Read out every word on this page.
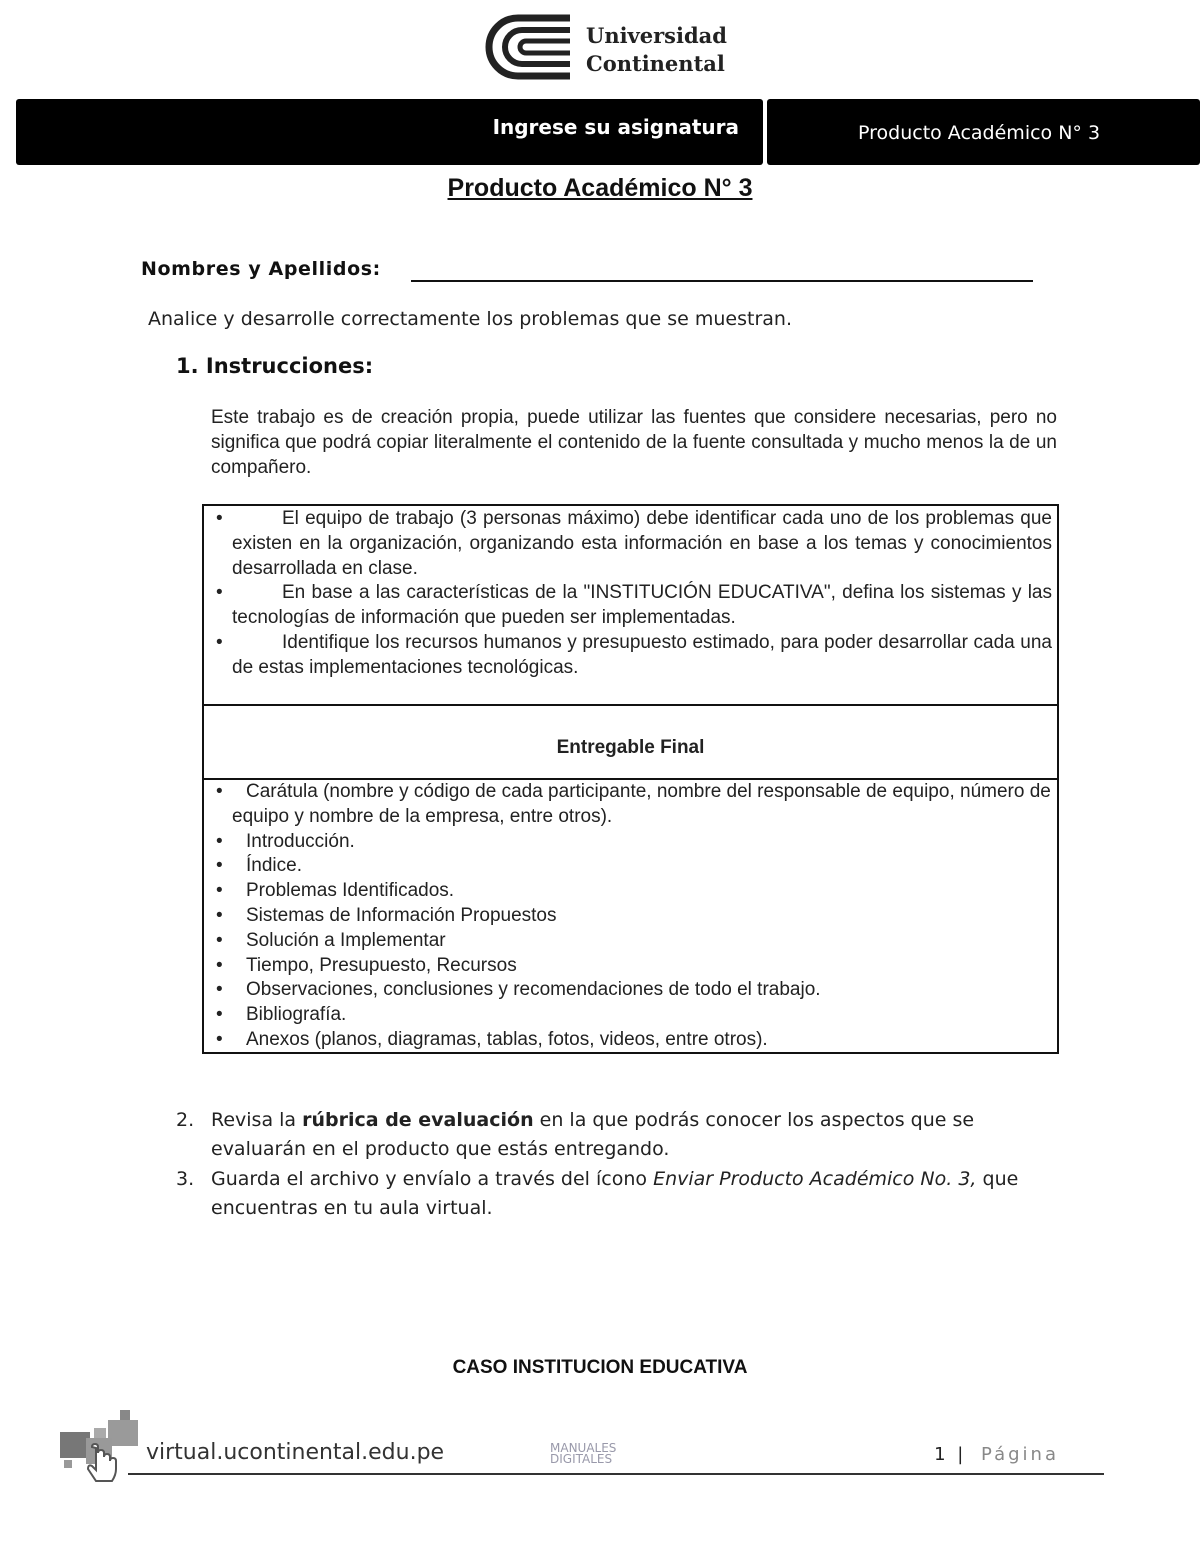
Universidad
Continental
Ingrese su asignatura	Producto Académico N° 3
Producto Académico N° 3
Nombres y Apellidos:
Analice y desarrolle correctamente los problemas que se muestran.
1. Instrucciones:
Este trabajo es de creación propia, puede utilizar las fuentes que considere necesarias, pero no significa que podrá copiar literalmente el contenido de la fuente consultada y mucho menos la de un compañero.

•	El equipo de trabajo (3 personas máximo) debe identificar cada uno de los problemas que existen en la organización, organizando esta información en base a los temas y conocimientos desarrollada en clase.

•	En base a las características de la "INSTITUCIÓN EDUCATIVA", defina los sistemas y las tecnologías de información que pueden ser implementadas.

•	Identifique los recursos humanos y presupuesto estimado, para poder desarrollar cada una de estas implementaciones tecnológicas.

Entregable Final
• Carátula (nombre y código de cada participante, nombre del responsable de equipo, número de equipo y nombre de la empresa, entre otros).
• Introducción.
• Índice.
• Problemas Identificados.
• Sistemas de Información Propuestos
• Solución a Implementar
• Tiempo, Presupuesto, Recursos
• Observaciones, conclusiones y recomendaciones de todo el trabajo.
• Bibliografía.
• Anexos (planos, diagramas, tablas, fotos, videos, entre otros).
2. Revisa la rúbrica de evaluación en la que podrás conocer los aspectos que se evaluarán en el producto que estás entregando.
3. Guarda el archivo y envíalo a través del ícono Enviar Producto Académico No. 3, que encuentras en tu aula virtual.
CASO INSTITUCION EDUCATIVA
virtual.ucontinental.edu.pe	MANUALES
DIGITALES	1 | Página
